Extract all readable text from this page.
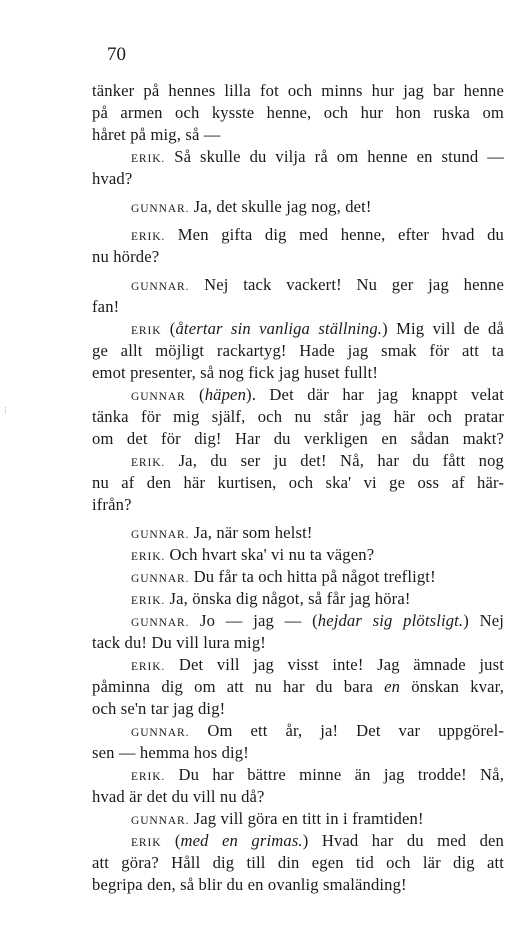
70
⁞
tänker på hennes lilla fot och minns hur jag bar henne
på armen och kysste henne, och hur hon ruska om
håret på mig, så —
ERIK. Så skulle du vilja rå om henne en stund —
hvad?
GUNNAR. Ja, det skulle jag nog, det!
ERIK. Men gifta dig med henne, efter hvad du
nu hörde?
GUNNAR. Nej tack vackert! Nu ger jag henne
fan!
ERIK (återtar sin vanliga ställning.) Mig vill de då
ge allt möjligt rackartyg! Hade jag smak för att ta
emot presenter, så nog fick jag huset fullt!
GUNNAR (häpen). Det där har jag knappt velat
tänka för mig själf, och nu står jag här och pratar
om det för dig! Har du verkligen en sådan makt?
ERIK. Ja, du ser ju det! Nå, har du fått nog
nu af den här kurtisen, och ska' vi ge oss af här-
ifrån?
GUNNAR. Ja, när som helst!
ERIK. Och hvart ska' vi nu ta vägen?
GUNNAR. Du får ta och hitta på något trefligt!
ERIK. Ja, önska dig något, så får jag höra!
GUNNAR. Jo — jag — (hejdar sig plötsligt.) Nej
tack du! Du vill lura mig!
ERIK. Det vill jag visst inte! Jag ämnade just
påminna dig om att nu har du bara en önskan kvar,
och se'n tar jag dig!
GUNNAR. Om ett år, ja! Det var uppgörel-
sen — hemma hos dig!
ERIK. Du har bättre minne än jag trodde! Nå,
hvad är det du vill nu då?
GUNNAR. Jag vill göra en titt in i framtiden!
ERIK (med en grimas.) Hvad har du med den
att göra? Håll dig till din egen tid och lär dig att
begripa den, så blir du en ovanlig smaländing!
